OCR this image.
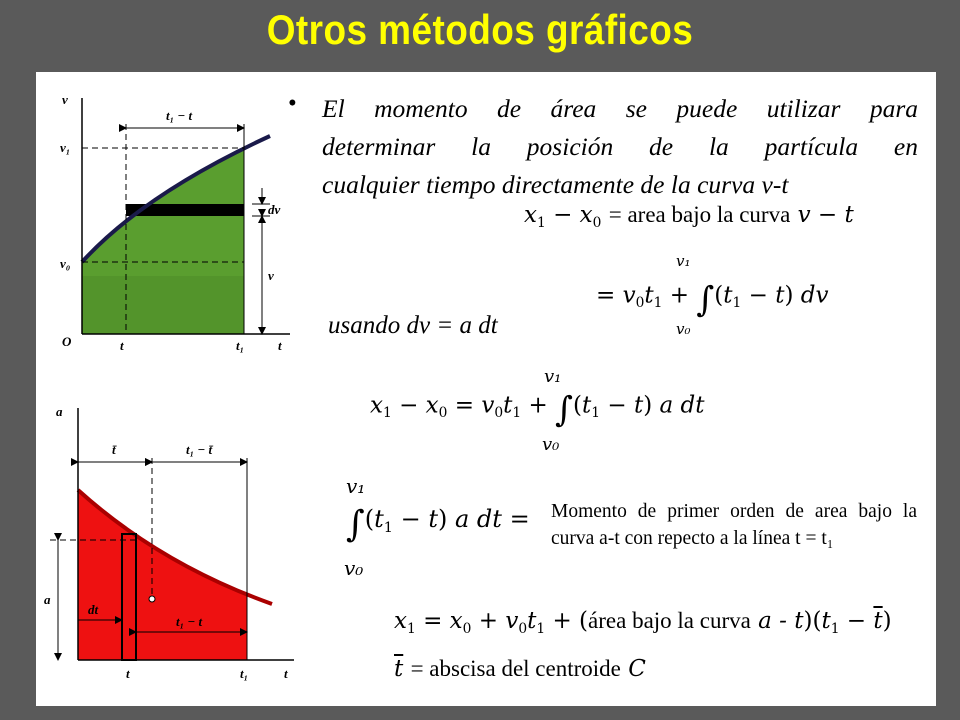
Otros métodos gráficos
v
v₁
v₀
O	t	t₁	t
dv
v
t₁ − t
a
t̄	t₁ − t̄
a
dt
t₁ − t
t	t₁	t
• El momento de área se puede utilizar para
determinar la posición de la partícula en
cualquier tiempo directamente de la curva v-t
$x_1 - x_0$ = area bajo la curva v − t
= $v_0t_1 + \int(t_1 - t)$ dv
v₁
v₀
usando dv = a dt
$x_1 - x_0 = v_0t_1 + \int(t_1 - t)$ a dt
v₁
v₀
$\int(t_1 - t)$ a dt =
v₁
v₀
Momento de primer orden de area bajo la curva a-t con repecto a la línea t = t₁
$x_1 = x_0 + v_0t_1$ + (área bajo la curva $a - t)(t_1 - \overline{t})$
$\overline{t}$ = abscisa del centroide C
